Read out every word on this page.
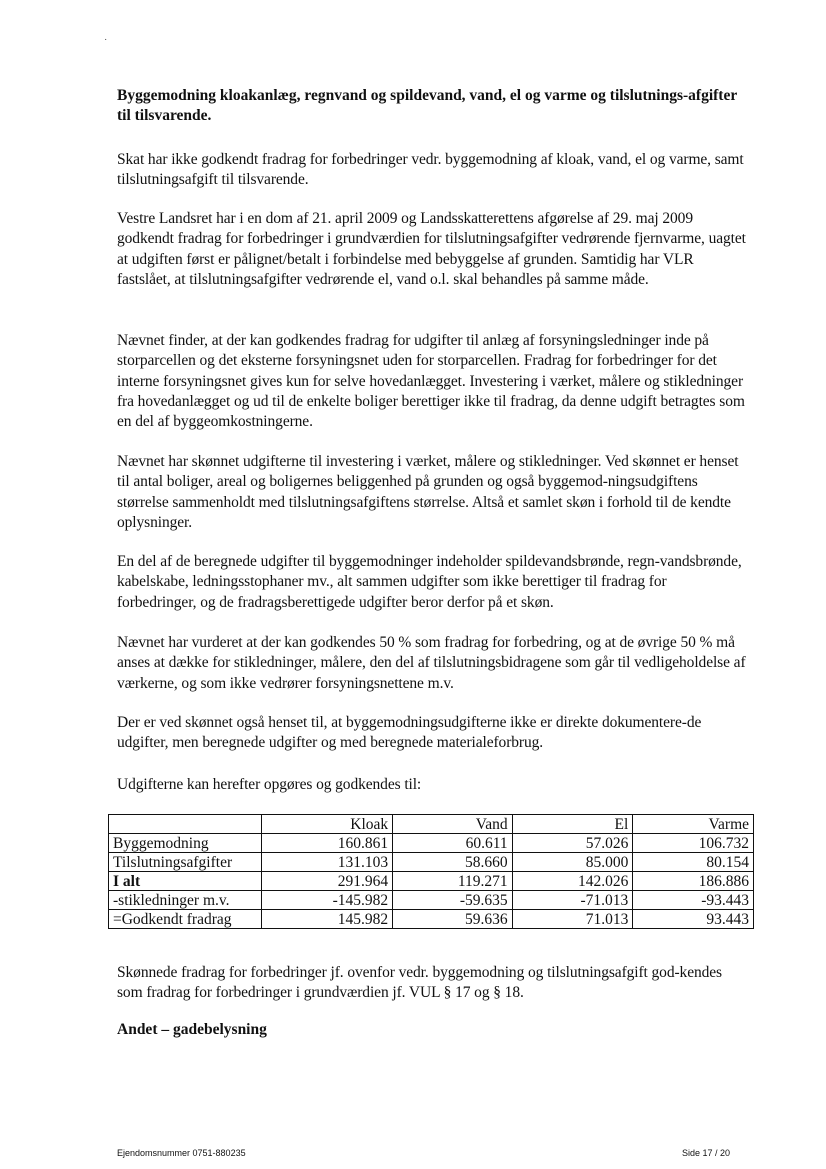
˙

Byggemodning kloakanlæg, regnvand og spildevand, vand, el og varme og tilslutnings-afgifter til tilsvarende.

Skat har ikke godkendt fradrag for forbedringer vedr. byggemodning af kloak, vand, el og varme, samt tilslutningsafgift til tilsvarende.

Vestre Landsret har i en dom af 21. april 2009 og Landsskatterettens afgørelse af 29. maj 2009 godkendt fradrag for forbedringer i grundværdien for tilslutningsafgifter vedrørende fjernvarme, uagtet at udgiften først er pålignet/betalt i forbindelse med bebyggelse af grunden. Samtidig har VLR fastslået, at tilslutningsafgifter vedrørende el, vand o.l. skal behandles på samme måde.

Nævnet finder, at der kan godkendes fradrag for udgifter til anlæg af forsyningsledninger inde på storparcellen og det eksterne forsyningsnet uden for storparcellen. Fradrag for forbedringer for det interne forsyningsnet gives kun for selve hovedanlægget. Investering i værket, målere og stikledninger fra hovedanlægget og ud til de enkelte boliger berettiger ikke til fradrag, da denne udgift betragtes som en del af byggeomkostningerne.

Nævnet har skønnet udgifterne til investering i værket, målere og stikledninger. Ved skønnet er henset til antal boliger, areal og boligernes beliggenhed på grunden og også byggemod-ningsudgiftens størrelse sammenholdt med tilslutningsafgiftens størrelse. Altså et samlet skøn i forhold til de kendte oplysninger.

En del af de beregnede udgifter til byggemodninger indeholder spildevandsbrønde, regn-vandsbrønde, kabelskabe, ledningsstophaner mv., alt sammen udgifter som ikke berettiger til fradrag for forbedringer, og de fradragsberettigede udgifter beror derfor på et skøn.

Nævnet har vurderet at der kan godkendes 50 % som fradrag for forbedring, og at de øvrige 50 % må anses at dække for stikledninger, målere, den del af tilslutningsbidragene som går til vedligeholdelse af værkerne, og som ikke vedrører forsyningsnettene m.v.

Der er ved skønnet også henset til, at byggemodningsudgifterne ikke er direkte dokumentere-de udgifter, men beregnede udgifter og med beregnede materialeforbrug.

Udgifterne kan herefter opgøres og godkendes til:

	Kloak	Vand	El	Varme
Byggemodning	160.861	60.611	57.026	106.732
Tilslutningsafgifter	131.103	58.660	85.000	80.154
I alt	291.964	119.271	142.026	186.886
-stikledninger m.v.	-145.982	-59.635	-71.013	-93.443
=Godkendt fradrag	145.982	59.636	71.013	93.443

Skønnede fradrag for forbedringer jf. ovenfor vedr. byggemodning og tilslutningsafgift god-kendes som fradrag for forbedringer i grundværdien jf. VUL § 17 og § 18.

Andet – gadebelysning

Ejendomsnummer 0751-880235	Side 17 / 20
